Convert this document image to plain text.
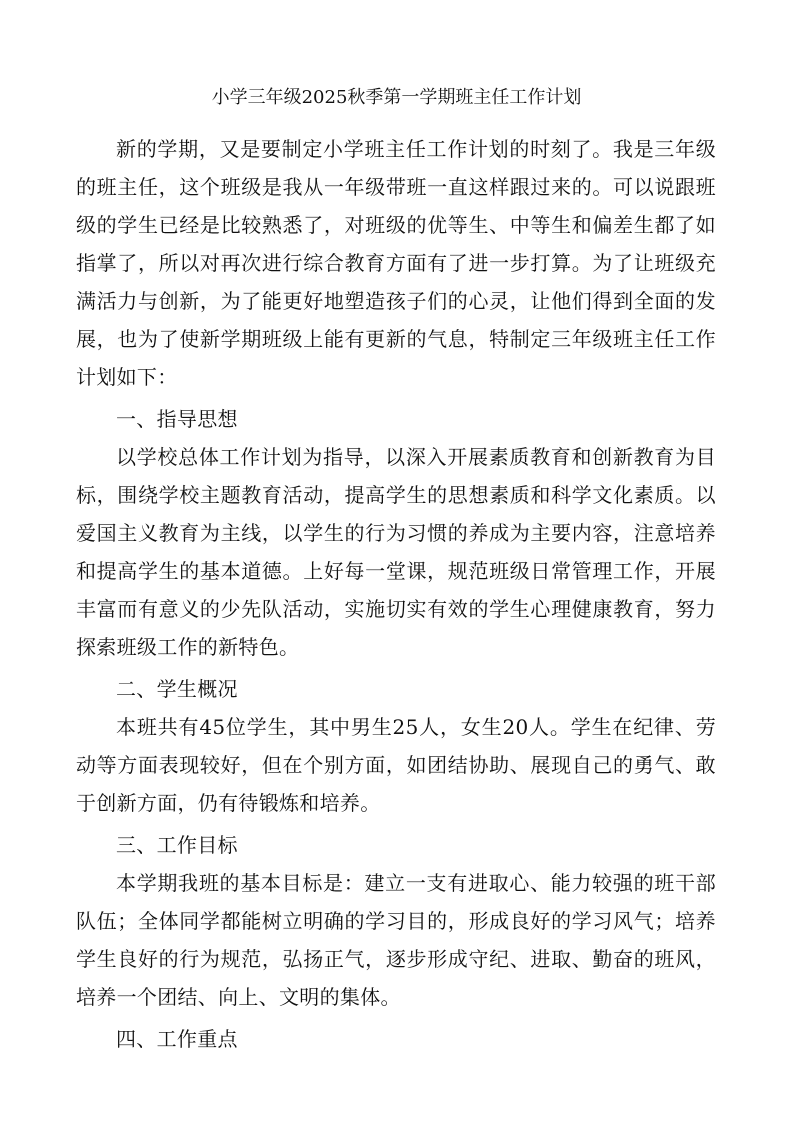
小学三年级2025秋季第一学期班主任工作计划

新的学期，又是要制定小学班主任工作计划的时刻了。我是三年级的班主任，这个班级是我从一年级带班一直这样跟过来的。可以说跟班级的学生已经是比较熟悉了，对班级的优等生、中等生和偏差生都了如指掌了，所以对再次进行综合教育方面有了进一步打算。为了让班级充满活力与创新，为了能更好地塑造孩子们的心灵，让他们得到全面的发展，也为了使新学期班级上能有更新的气息，特制定三年级班主任工作计划如下：

一、指导思想

以学校总体工作计划为指导，以深入开展素质教育和创新教育为目标，围绕学校主题教育活动，提高学生的思想素质和科学文化素质。以爱国主义教育为主线，以学生的行为习惯的养成为主要内容，注意培养和提高学生的基本道德。上好每一堂课，规范班级日常管理工作，开展丰富而有意义的少先队活动，实施切实有效的学生心理健康教育，努力探索班级工作的新特色。

二、学生概况

本班共有45位学生，其中男生25人，女生20人。学生在纪律、劳动等方面表现较好，但在个别方面，如团结协助、展现自己的勇气、敢于创新方面，仍有待锻炼和培养。

三、工作目标

本学期我班的基本目标是：建立一支有进取心、能力较强的班干部队伍；全体同学都能树立明确的学习目的，形成良好的学习风气；培养学生良好的行为规范，弘扬正气，逐步形成守纪、进取、勤奋的班风，培养一个团结、向上、文明的集体。

四、工作重点
